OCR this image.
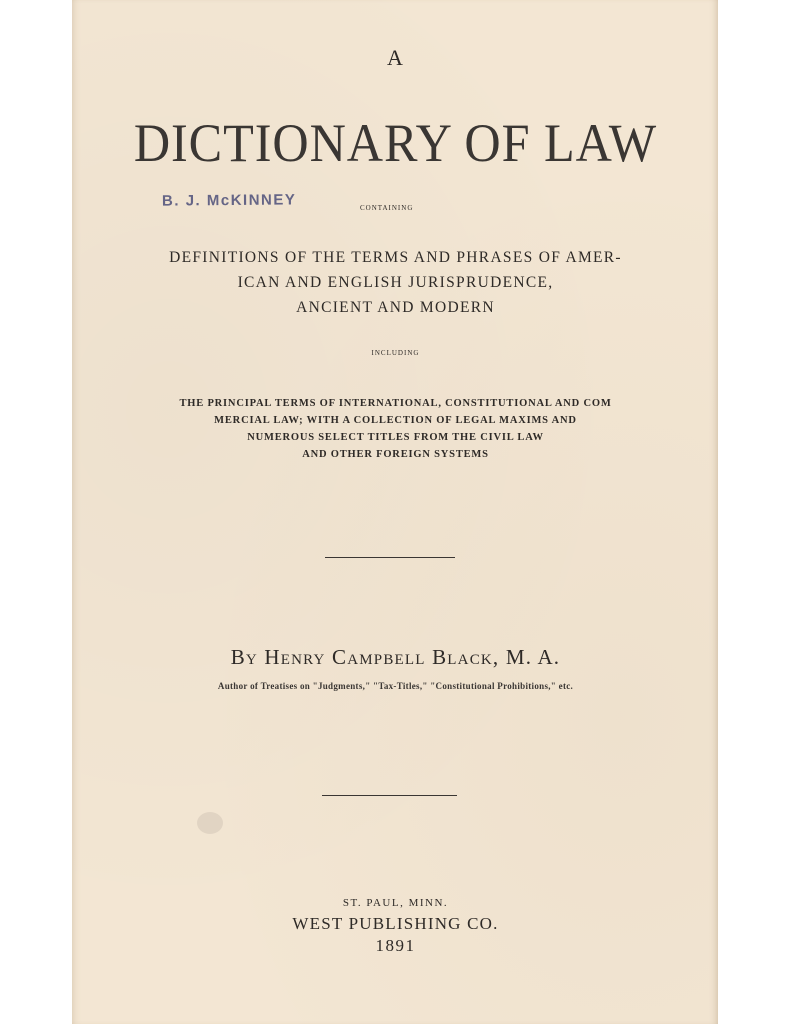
A
DICTIONARY OF LAW
B. J. McKINNEY	CONTAINING
DEFINITIONS OF THE TERMS AND PHRASES OF AMER-
ICAN AND ENGLISH JURISPRUDENCE,
ANCIENT AND MODERN
INCLUDING
THE PRINCIPAL TERMS OF INTERNATIONAL, CONSTITUTIONAL AND COM
MERCIAL LAW; WITH A COLLECTION OF LEGAL MAXIMS AND
NUMEROUS SELECT TITLES FROM THE CIVIL LAW
AND OTHER FOREIGN SYSTEMS
By Henry Campbell Black, M. A.
Author of Treatises on "Judgments," "Tax-Titles," "Constitutional Prohibitions," etc.
ST. PAUL, MINN.
WEST PUBLISHING CO.
1891
